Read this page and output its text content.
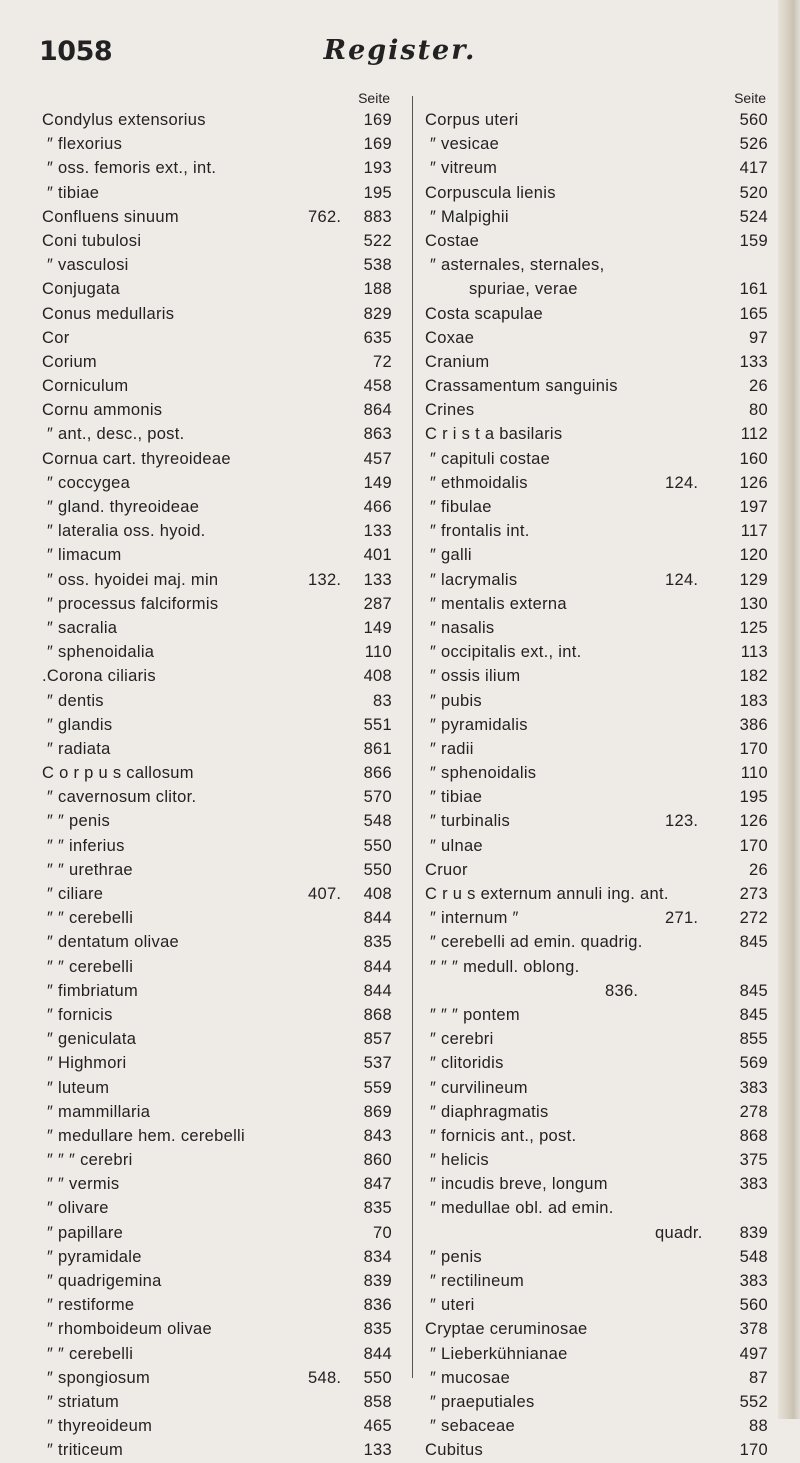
1058	Register.
Seite
Condylus extensorius	169
″ flexorius	169
″ oss. femoris ext., int.	193
″ tibiae	195
Confluens sinuum	762. 883
Coni tubulosi	522
″ vasculosi	538
Conjugata	188
Conus medullaris	829
Cor	635
Corium	72
Corniculum	458
Cornu ammonis	864
″ ant., desc., post.	863
Cornua cart. thyreoideae	457
″ coccygea	149
″ gland. thyreoideae	466
″ lateralia oss. hyoid.	133
″ limacum	401
″ oss. hyoidei maj. min	132. 133
″ processus falciformis	287
″ sacralia	149
″ sphenoidalia	110
.Corona ciliaris	408
″ dentis	83
″ glandis	551
″ radiata	861
C o r p u s callosum	866
″ cavernosum clitor.	570
″ ″ penis	548
″ ″ inferius	550
″ ″ urethrae	550
″ ciliare	407. 408
″ ″ cerebelli	844
″ dentatum olivae	835
″ ″ cerebelli	844
″ fimbriatum	844
″ fornicis	868
″ geniculata	857
″ Highmori	537
″ luteum	559
″ mammillaria	869
″ medullare hem. cerebelli	843
″ ″ ″ cerebri	860
″ ″ vermis	847
″ olivare	835
″ papillare	70
″ pyramidale	834
″ quadrigemina	839
″ restiforme	836
″ rhomboideum olivae	835
″ ″ cerebelli	844
″ spongiosum	548. 550
″ striatum	858
″ thyreoideum	465
″ triticeum	133
Seite
Corpus uteri	560
″ vesicae	526
″ vitreum	417
Corpuscula lienis	520
″ Malpighii	524
Costae	159
″ asternales, sternales,
spuriae, verae	161
Costa scapulae	165
Coxae	97
Cranium	133
Crassamentum sanguinis	26
Crines	80
C r i s t a basilaris	112
″ capituli costae	160
″ ethmoidalis	124. 126
″ fibulae	197
″ frontalis int.	117
″ galli	120
″ lacrymalis	124. 129
″ mentalis externa	130
″ nasalis	125
″ occipitalis ext., int.	113
″ ossis ilium	182
″ pubis	183
″ pyramidalis	386
″ radii	170
″ sphenoidalis	110
″ tibiae	195
″ turbinalis	123. 126
″ ulnae	170
Cruor	26
C r u s externum annuli ing. ant.	273
″ internum ″	271. 272
″ cerebelli ad emin. quadrig.	845
″ ″ ″ medull. oblong.
836.	845
″ ″ ″ pontem	845
″ cerebri	855
″ clitoridis	569
″ curvilineum	383
″ diaphragmatis	278
″ fornicis ant., post.	868
″ helicis	375
″ incudis breve, longum	383
″ medullae obl. ad emin.
quadr. 839
″ penis	548
″ rectilineum	383
″ uteri	560
Cryptae ceruminosae	378
″ Lieberkühnianae	497
″ mucosae	87
″ praeputiales	552
″ sebaceae	88
Cubitus	170
